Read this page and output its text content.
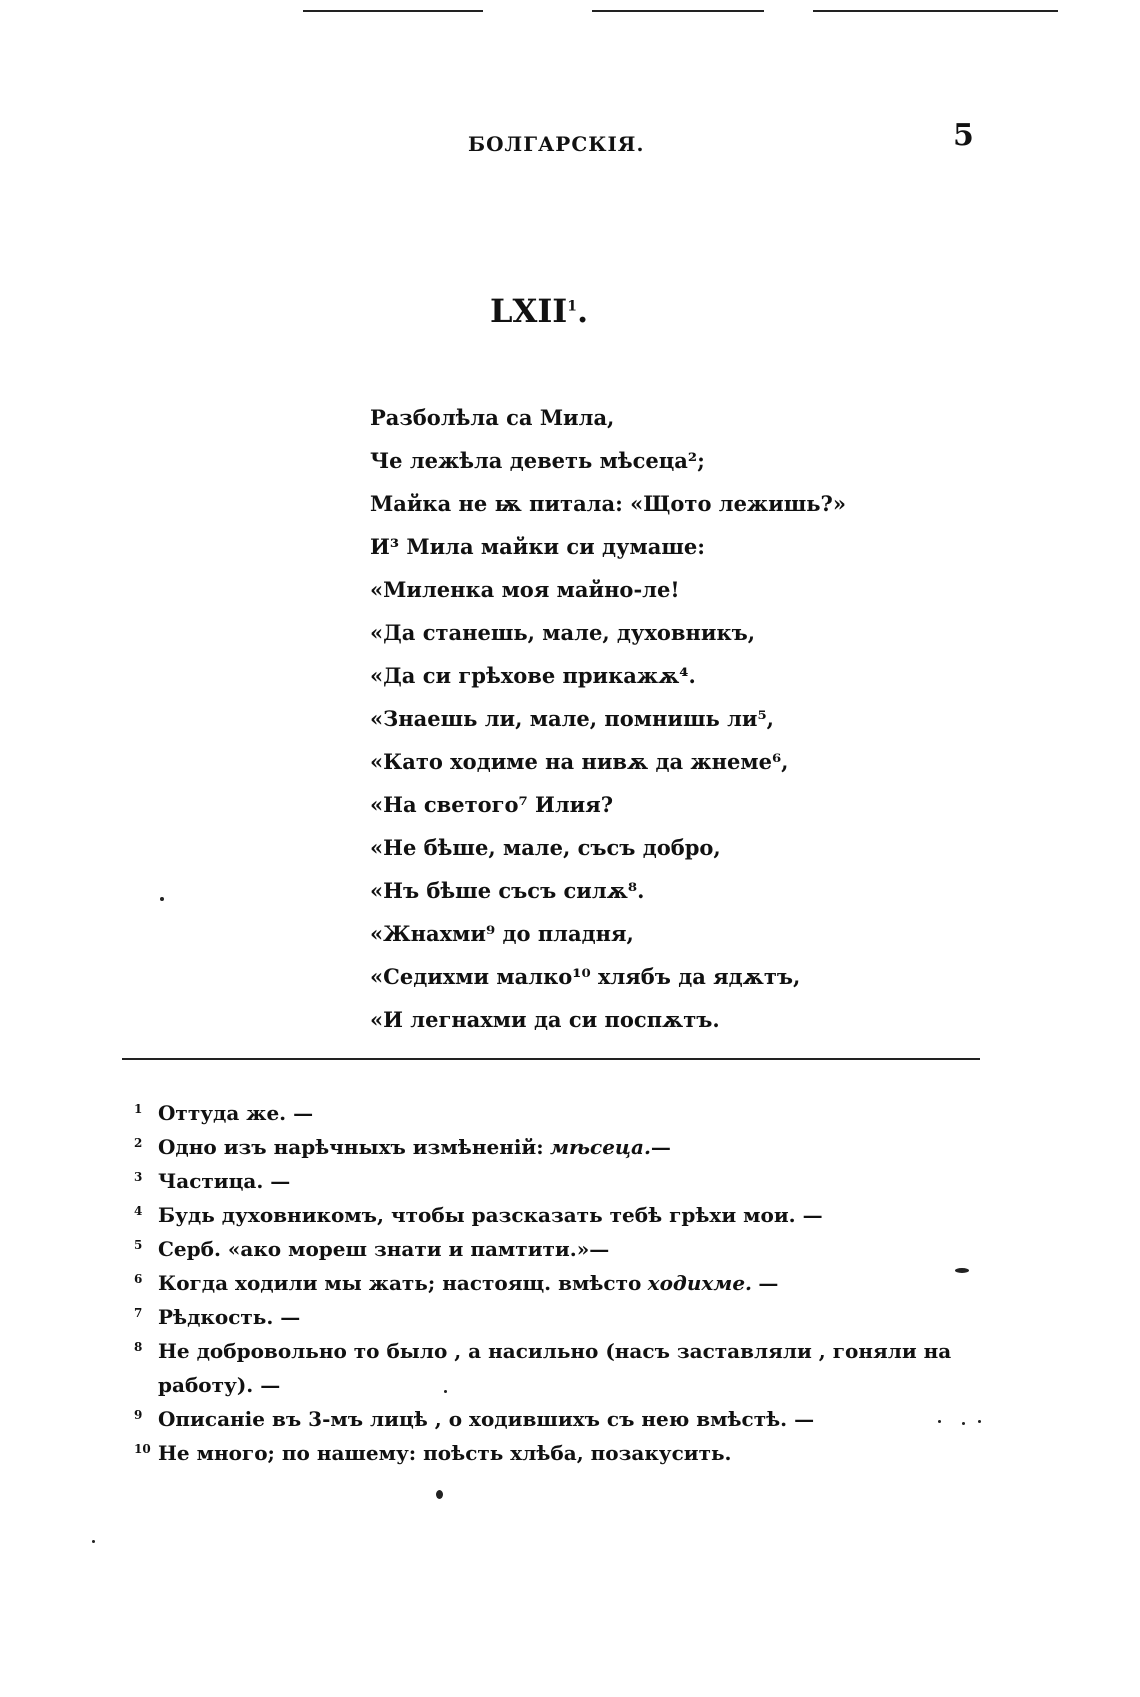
БОЛГАРСКІЯ.	5
LXII$^1$.
Разболѣла са Мила,
Че лежѣла деветь мѣсеца²;
Майка не ѭ питала: «Щото лежишь?»
И³ Мила майки си думаше:
«Миленка моя майно-ле!
«Да станешь, мале, духовникъ,
«Да си грѣхове прикажѫ⁴.
«Знаешь ли, мале, помнишь ли⁵,
«Като ходиме на нивѫ да жнеме⁶,
«На светого⁷ Илия?
«Не бѣше, мале, съсъ добро,
«Нъ бѣше съсъ силѫ⁸.
«Жнахми⁹ до пладня,
«Седихми малко¹⁰ хлябъ да ядѫтъ,
«И легнахми да си поспѫтъ.
1 Оттуда же. —
2 Одно изъ нарѣчныхъ измѣненій: мѣсеца.—
3 Частица. —
4 Будь духовникомъ, чтобы разсказать тебѣ грѣхи мои. —
5 Серб. «ако мореш знати и памтити.»—
6 Когда ходили мы жать; настоящ. вмѣсто ходихме. —
7 Рѣдкость. —
8 Не добровольно то было , а насильно (насъ заставляли , гоняли на работу). —
9 Описаніе въ 3-мъ лицѣ , о ходившихъ съ нею вмѣстѣ. —
10 Не много; по нашему: поѣсть хлѣба, позакусить.
